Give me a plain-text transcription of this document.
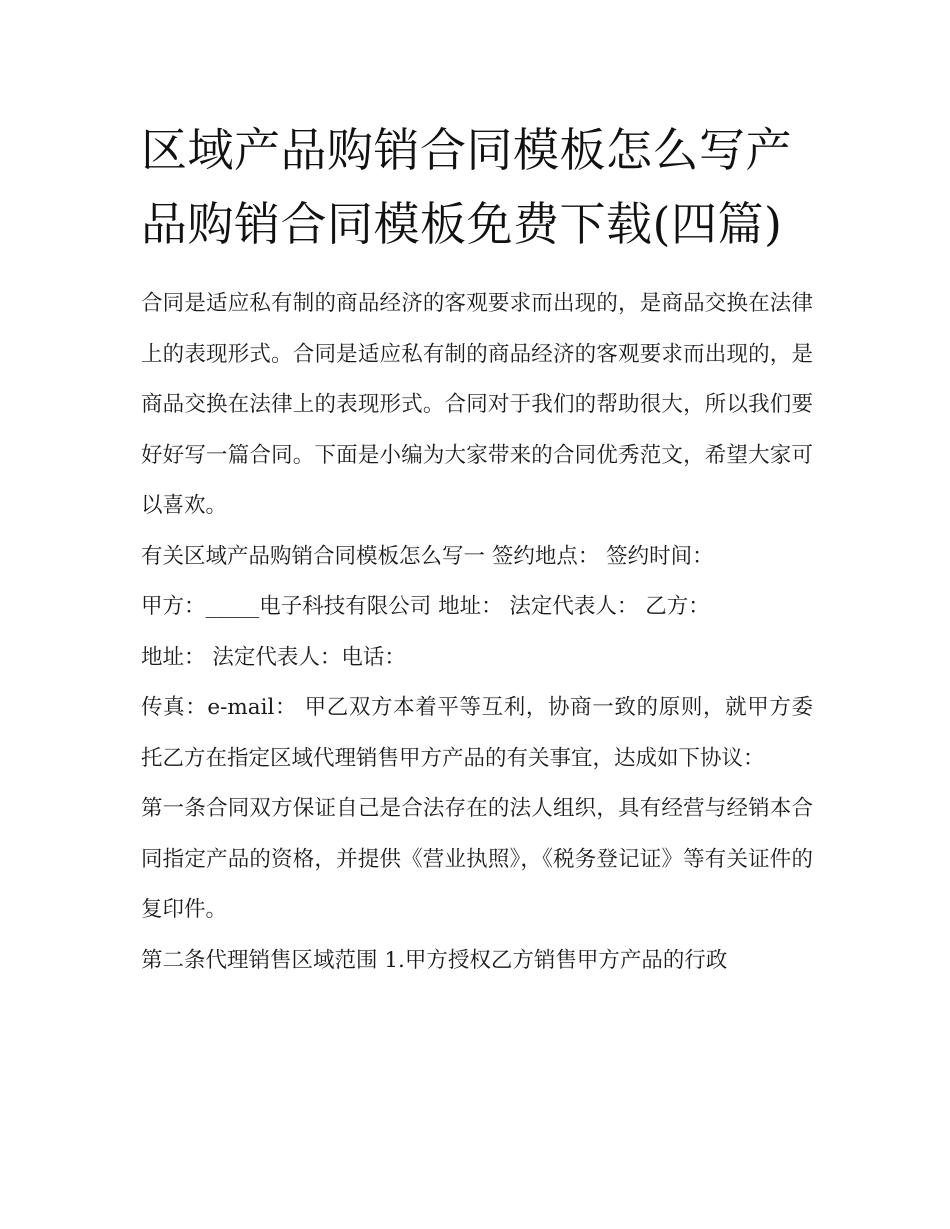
区域产品购销合同模板怎么写产品购销合同模板免费下载(四篇)

合同是适应私有制的商品经济的客观要求而出现的，是商品交换在法律上的表现形式。合同是适应私有制的商品经济的客观要求而出现的，是商品交换在法律上的表现形式。合同对于我们的帮助很大，所以我们要好好写一篇合同。下面是小编为大家带来的合同优秀范文，希望大家可以喜欢。

有关区域产品购销合同模板怎么写一 签约地点： 签约时间：

甲方：_____电子科技有限公司 地址： 法定代表人： 乙方：

地址： 法定代表人：电话：

传真：e-mail： 甲乙双方本着平等互利，协商一致的原则，就甲方委托乙方在指定区域代理销售甲方产品的有关事宜，达成如下协议：

第一条合同双方保证自己是合法存在的法人组织，具有经营与经销本合同指定产品的资格，并提供《营业执照》，《税务登记证》等有关证件的复印件。

第二条代理销售区域范围 1.甲方授权乙方销售甲方产品的行政
